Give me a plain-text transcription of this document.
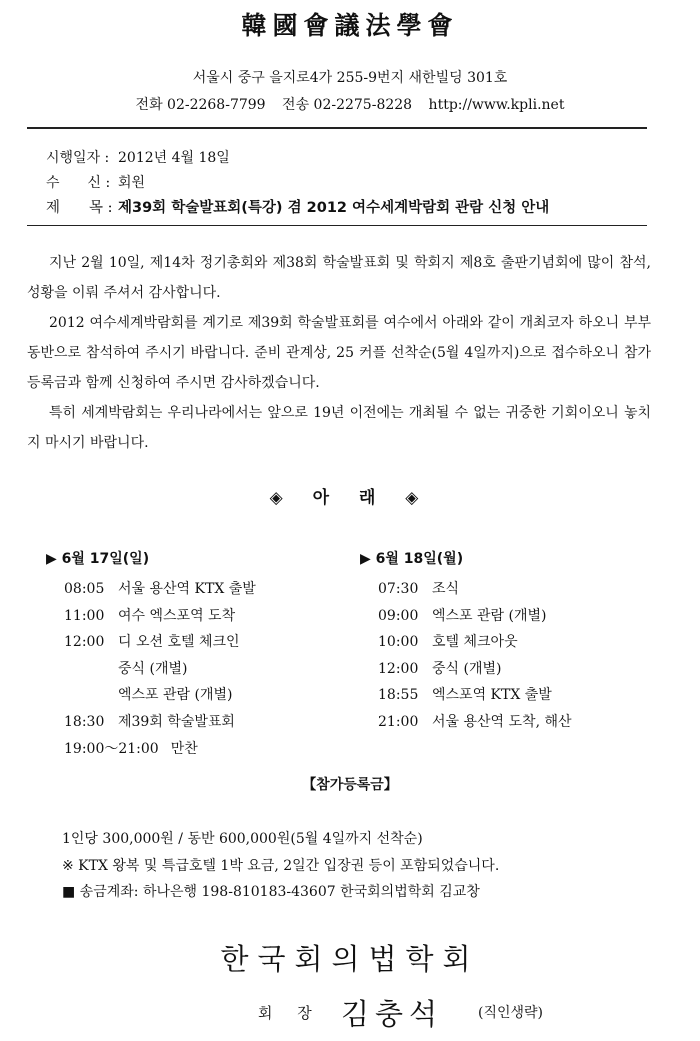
韓國會議法學會
서울시 중구 을지로4가 255-9번지 새한빌딩 301호
전화 02-2268-7799 전송 02-2275-8228 http://www.kpli.net
시행일자 : 2012년 4월 18일
수　　신 : 회원
제　　목 : 제39회 학술발표회(특강) 겸 2012 여수세계박람회 관람 신청 안내

지난 2월 10일, 제14차 정기총회와 제38회 학술발표회 및 학회지 제8호 출판기념회에 많이 참석, 성황을 이뤄 주셔서 감사합니다.

2012 여수세계박람회를 계기로 제39회 학술발표회를 여수에서 아래와 같이 개최코자 하오니 부부동반으로 참석하여 주시기 바랍니다. 준비 관계상, 25 커플 선착순(5월 4일까지)으로 접수하오니 참가등록금과 함께 신청하여 주시면 감사하겠습니다.

특히 세계박람회는 우리나라에서는 앞으로 19년 이전에는 개최될 수 없는 귀중한 기회이오니 놓치지 마시기 바랍니다.

◈ 아 래 ◈
▶ 6월 17일(일)
08:05 서울 용산역 KTX 출발
11:00 여수 엑스포역 도착
12:00 디 오션 호텔 체크인
중식 (개별)
엑스포 관람 (개별)
18:30 제39회 학술발표회
19:00～21:00 만찬
▶ 6월 18일(월)
07:30 조식
09:00 엑스포 관람 (개별)
10:00 호텔 체크아웃
12:00 중식 (개별)
18:55 엑스포역 KTX 출발
21:00 서울 용산역 도착, 해산
【참가등록금】
1인당 300,000원 / 동반 600,000원(5월 4일까지 선착순)
※ KTX 왕복 및 특급호텔 1박 요금, 2일간 입장권 등이 포함되었습니다.
■ 송금계좌: 하나은행 198-810183-43607 한국회의법학회 김교창
한국회의법학회
회 장 김충석 (직인생략)
